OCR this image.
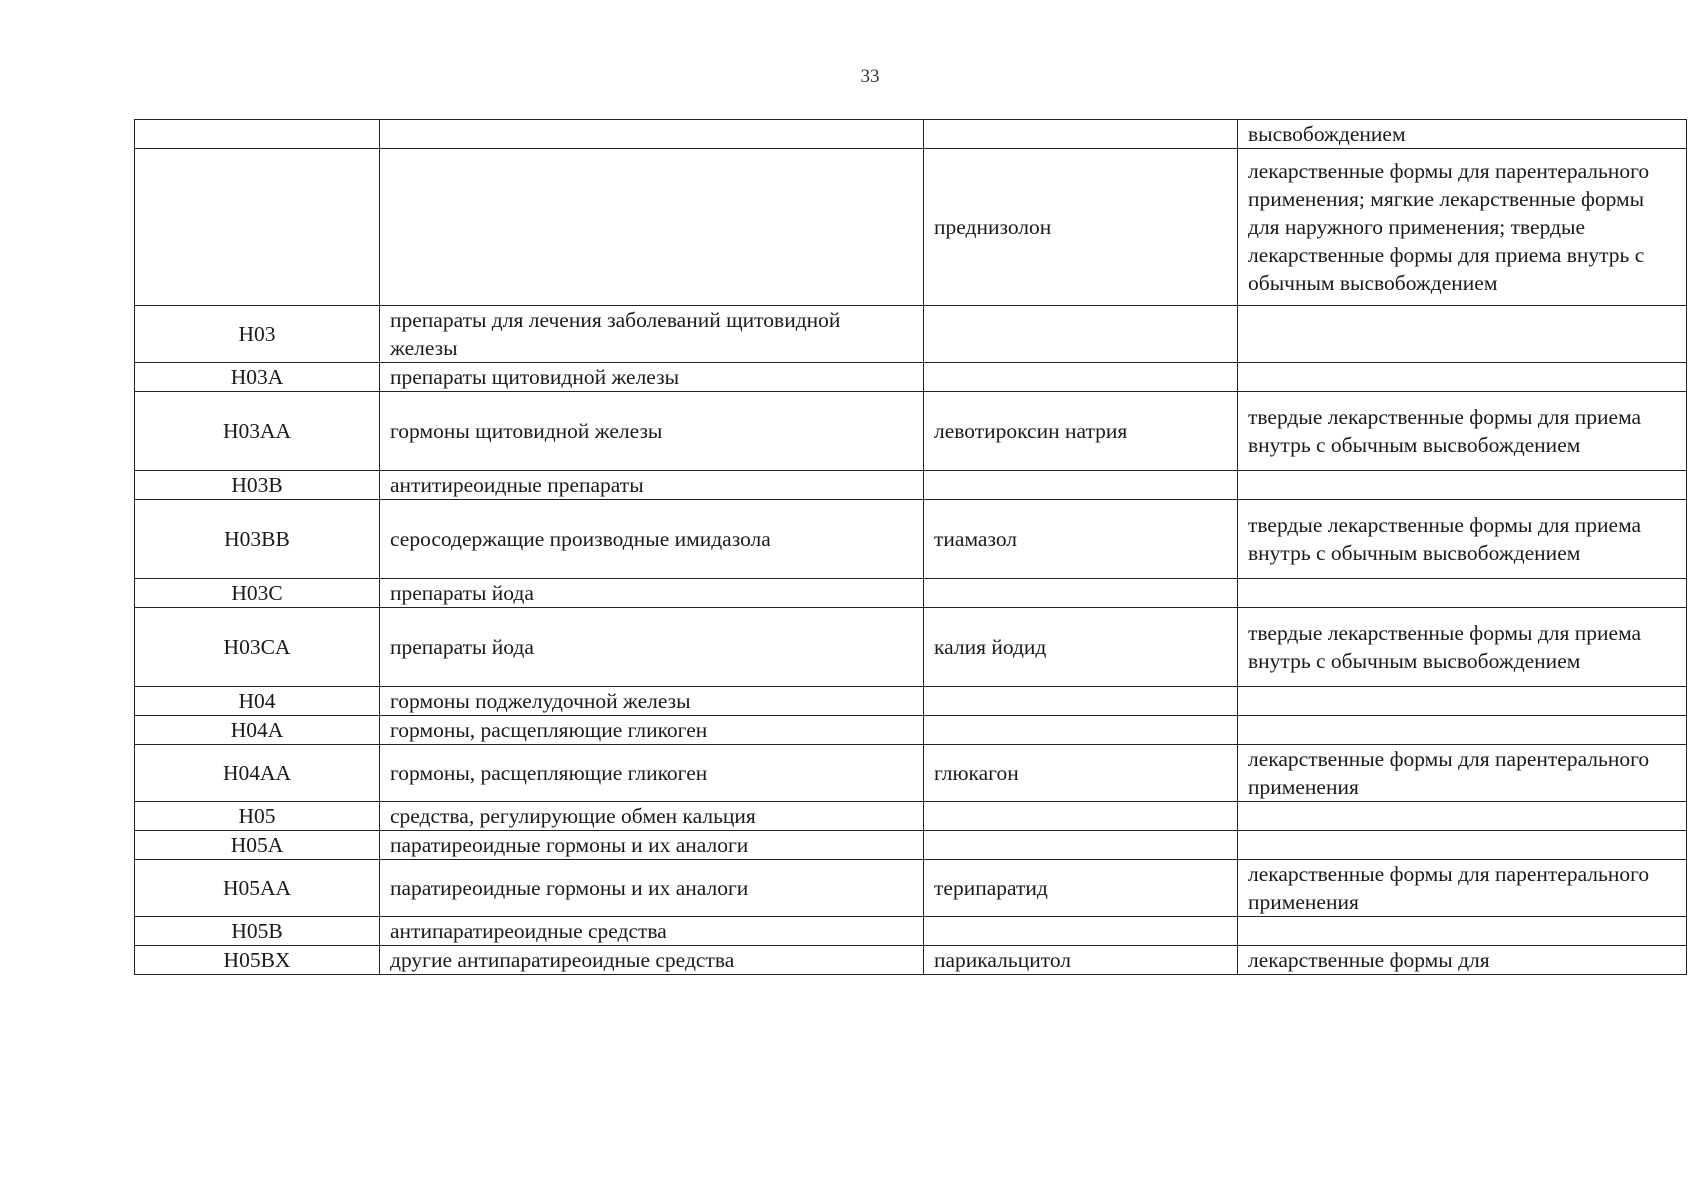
33
			высвобождением
		преднизолон	лекарственные формы для парентерального применения; мягкие лекарственные формы для наружного применения; твердые лекарственные формы для приема внутрь с обычным высвобождением
H03	препараты для лечения заболеваний щитовидной железы		
H03A	препараты щитовидной железы		
H03AA	гормоны щитовидной железы	левотироксин натрия	твердые лекарственные формы для приема внутрь с обычным высвобождением
H03B	антитиреоидные препараты		
H03BB	серосодержащие производные имидазола	тиамазол	твердые лекарственные формы для приема внутрь с обычным высвобождением
H03C	препараты йода		
H03CA	препараты йода	калия йодид	твердые лекарственные формы для приема внутрь с обычным высвобождением
H04	гормоны поджелудочной железы		
H04A	гормоны, расщепляющие гликоген		
H04AA	гормоны, расщепляющие гликоген	глюкагон	лекарственные формы для парентерального применения
H05	средства, регулирующие обмен кальция		
H05A	паратиреоидные гормоны и их аналоги		
H05AA	паратиреоидные гормоны и их аналоги	терипаратид	лекарственные формы для парентерального применения
H05B	антипаратиреоидные средства		
H05BX	другие антипаратиреоидные средства	парикальцитол	лекарственные формы для
